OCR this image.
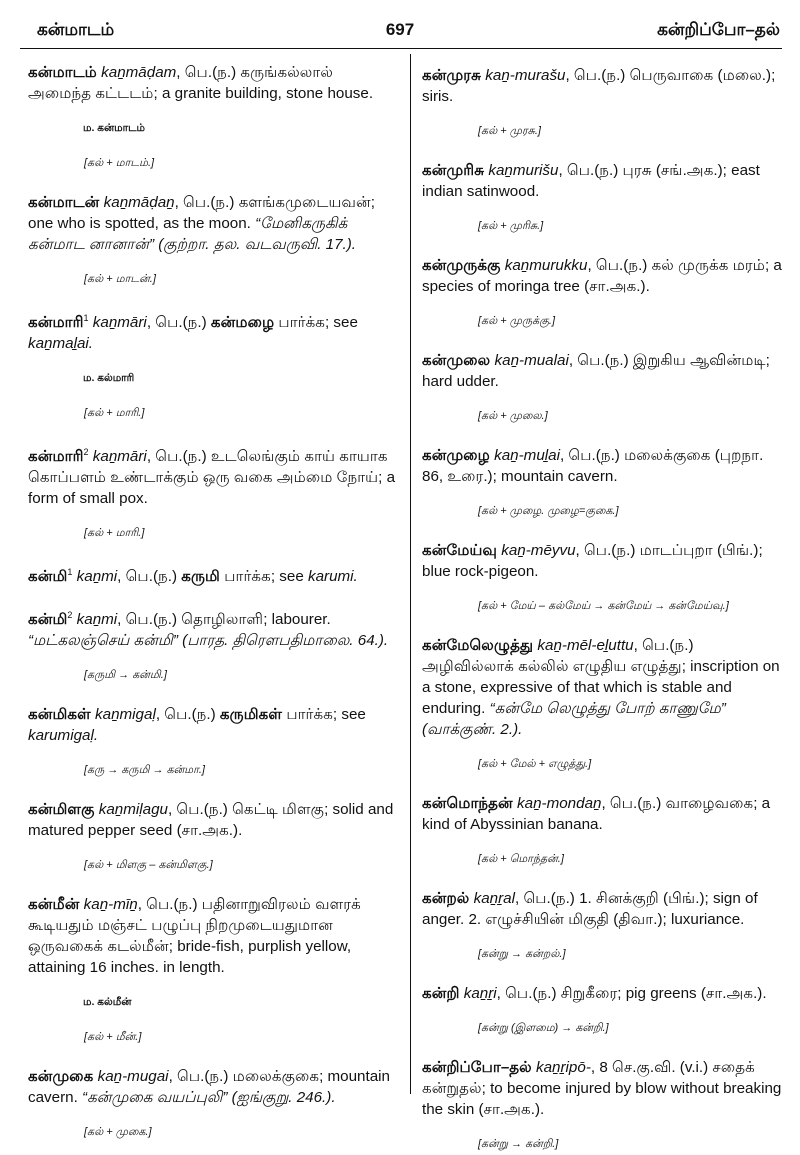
கன்மாடம்	697	கன்றிப்போ–தல்

கன்மாடம் kaṉmāḍam, பெ.(ந.) கருங்கல்லால் அமைந்த கட்டடம்; a granite building, stone house.

ம. கன்மாடம்
[கல் + மாடம்.]

கன்மாடன் kaṉmāḍaṉ, பெ.(ந.) களங்கமுடையவன்; one who is spotted, as the moon. “மேனிகருகிக் கன்மாட னானான்” (குற்றா. தல. வடவருவி. 17.).

[கல் + மாடன்.]

கன்மாரி$^1$ kaṉmāri, பெ.(ந.) கன்மழை பார்க்க; see kaṉmaḻai.

ம. கல்மாரி
[கல் + மாரி.]

கன்மாரி$^2$ kaṉmāri, பெ.(ந.) உடலெங்கும் காய் காயாக கொப்பளம் உண்டாக்கும் ஒரு வகை அம்மை நோய்; a form of small pox.

[கல் + மாரி.]

கன்மி$^1$ kaṉmi, பெ.(ந.) கருமி பார்க்க; see karumi.

கன்மி$^2$ kaṉmi, பெ.(ந.) தொழிலாளி; labourer. “மட்கலஞ்செய் கன்மி” (பாரத. திரௌபதிமாலை. 64.).

[கருமி → கன்மி.]

கன்மிகள் kaṉmigaḷ, பெ.(ந.) கருமிகள் பார்க்க; see karumigaḷ.

[கரு → கருமி → கன்மா.]

கன்மிளகு kaṉmiḷagu, பெ.(ந.) கெட்டி மிளகு; solid and matured pepper seed (சா.அக.).

[கல் + மிளகு – கன்மிளகு.]

கன்மீன் kaṉ-mīṉ, பெ.(ந.) பதினாறுவிரலம் வளரக் கூடியதும் மஞ்சட் பழுப்பு நிறமுடையதுமான ஒருவகைக் கடல்மீன்; bride-fish, purplish yellow, attaining 16 inches. in length.

ம. கல்மீன்
[கல் + மீன்.]

கன்முகை kaṉ-mugai, பெ.(ந.) மலைக்குகை; mountain cavern. “கன்முகை வயப்புலி” (ஐங்குறு. 246.).

[கல் + முகை.]

கன்முரசு kaṉ-murašu, பெ.(ந.) பெருவாகை (மலை.); siris.

[கல் + முரசு.]

கன்முரிசு kaṉmurišu, பெ.(ந.) புரசு (சங்.அக.); east indian satinwood.

[கல் + முரிசு.]

கன்முருக்கு kaṉmurukku, பெ.(ந.) கல் முருக்க மரம்; a species of moringa tree (சா.அக.).

[கல் + முருக்கு.]

கன்முலை kaṉ-mualai, பெ.(ந.) இறுகிய ஆவின்மடி; hard udder.

[கல் + முலை.]

கன்முழை kaṉ-muḻai, பெ.(ந.) மலைக்குகை (புறநா. 86, உரை.); mountain cavern.

[கல் + முழை. முழை=குகை.]

கன்மேய்வு kaṉ-mēyvu, பெ.(ந.) மாடப்புறா (பிங்.); blue rock-pigeon.

[கல் + மேய் – கல்மேய் → கன்மேய் → கன்மேய்வு.]

கன்மேலெழுத்து kaṉ-mēl-eḻuttu, பெ.(ந.) அழிவில்லாக் கல்லில் எழுதிய எழுத்து; inscription on a stone, expressive of that which is stable and enduring. “கன்மே லெழுத்து போற் காணுமே” (வாக்குண். 2.).

[கல் + மேல் + எழுத்து.]

கன்மொந்தன் kaṉ-mondaṉ, பெ.(ந.) வாழைவகை; a kind of Abyssinian banana.

[கல் + மொந்தன்.]

கன்றல் kaṉṟal, பெ.(ந.) 1. சினக்குறி (பிங்.); sign of anger. 2. எழுச்சியின் மிகுதி (திவா.); luxuriance.

[கன்று → கன்றல்.]

கன்றி kaṉṟi, பெ.(ந.) சிறுகீரை; pig greens (சா.அக.).

[கன்று (இளமை) → கன்றி.]

கன்றிப்போ–தல் kaṉṟipō-, 8 செ.கு.வி. (v.i.) சதைக் கன்றுதல்; to become injured by blow without breaking the skin (சா.அக.).

[கன்று → கன்றி.]
